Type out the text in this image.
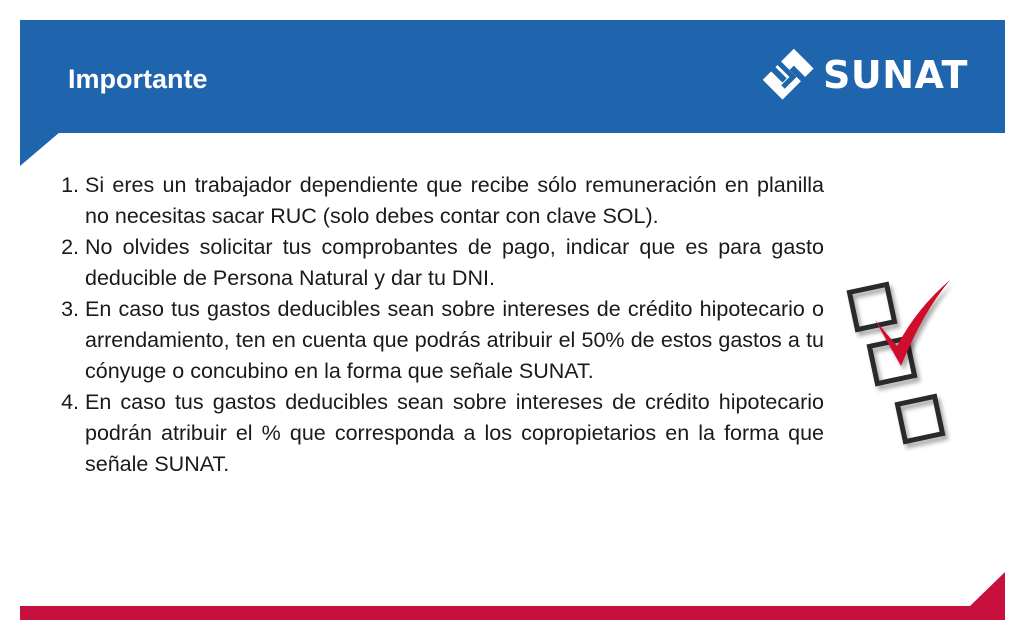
Importante	SUNAT
1. Si eres un trabajador dependiente que recibe sólo remuneración en planilla no necesitas sacar RUC (solo debes contar con clave SOL).
2. No olvides solicitar tus comprobantes de pago, indicar que es para gasto deducible de Persona Natural y dar tu DNI.
3. En caso tus gastos deducibles sean sobre intereses de crédito hipotecario o arrendamiento, ten en cuenta que podrás atribuir el 50% de estos gastos a tu cónyuge o concubino en la forma que señale SUNAT.
4. En caso tus gastos deducibles sean sobre intereses de crédito hipotecario podrán atribuir el % que corresponda a los copropietarios en la forma que señale SUNAT.
